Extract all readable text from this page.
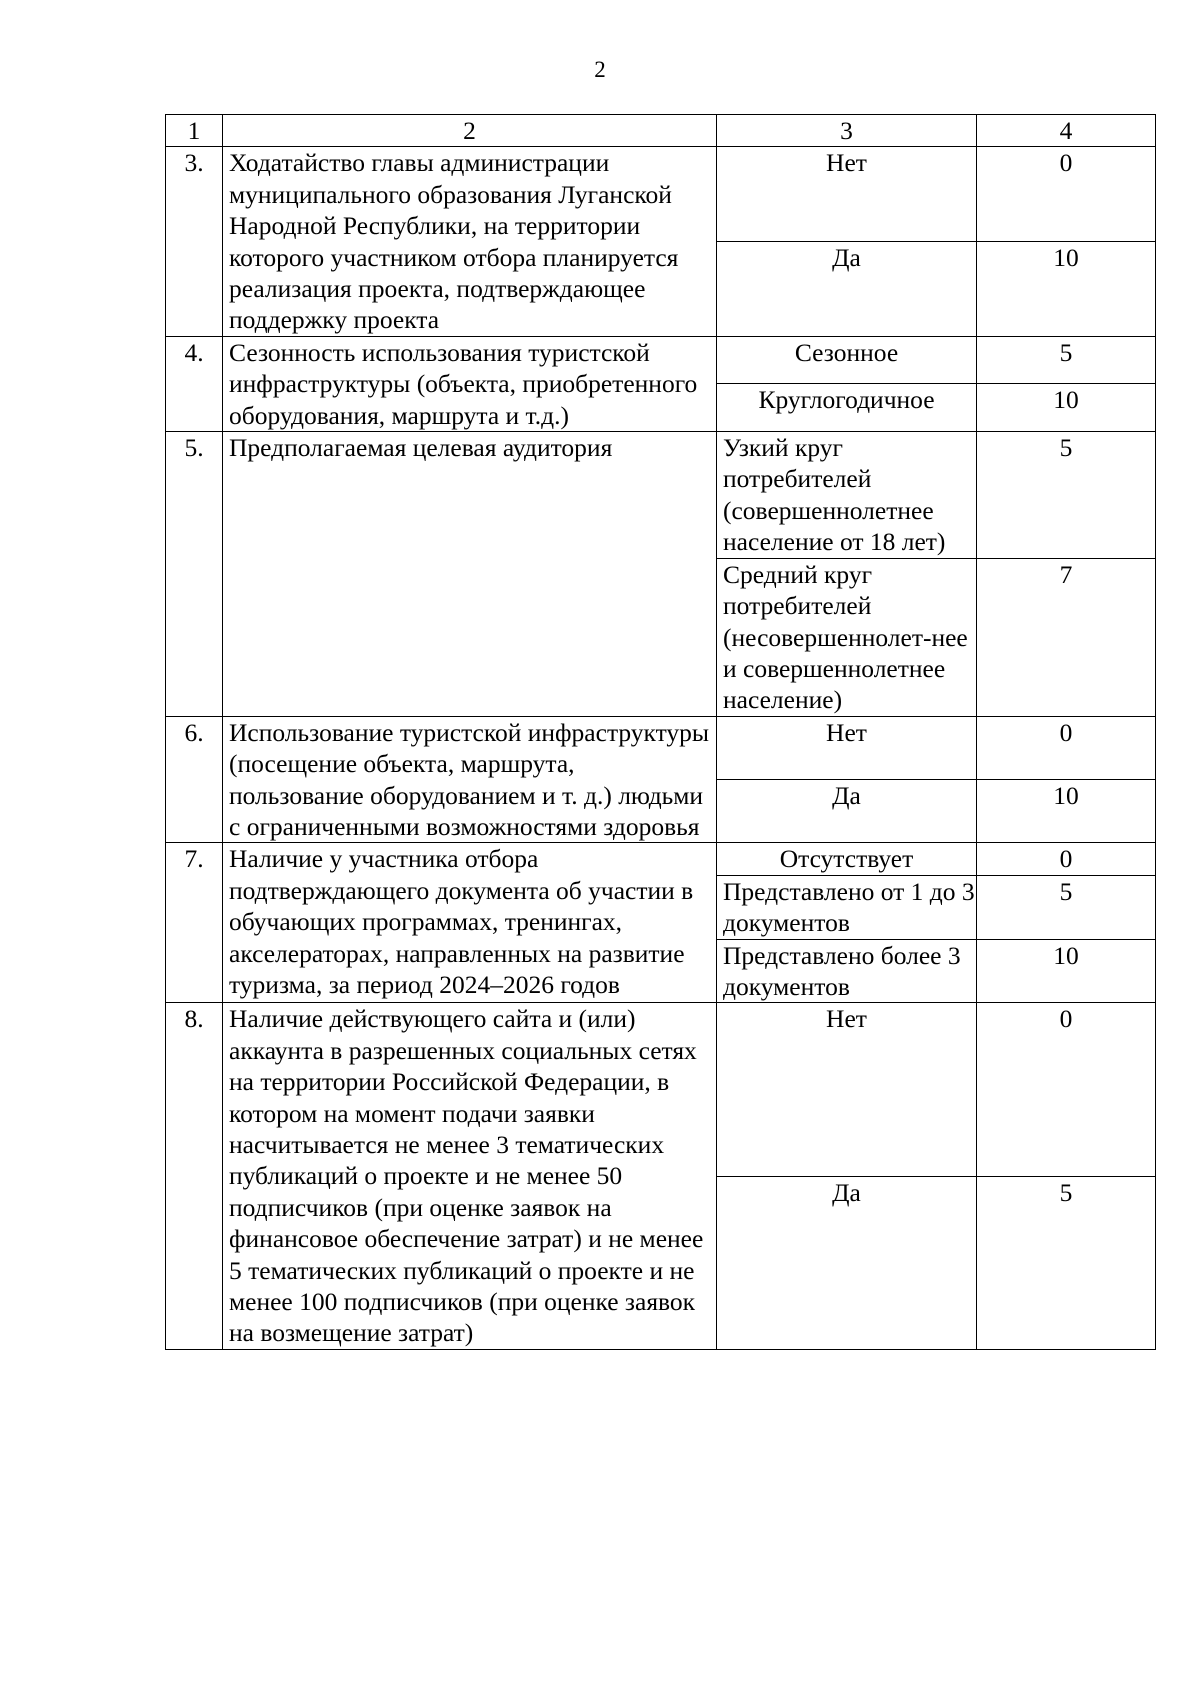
2
1	2	3	4
3.	Ходатайство главы администрации муниципального образования Луганской Народной Республики, на территории которого участником отбора планируется реализация проекта, подтверждающее поддержку проекта	Нет	0
		Да	10
4.	Сезонность использования туристской инфраструктуры (объекта, приобретенного оборудования, маршрута и т.д.)	Сезонное	5
		Круглогодичное	10
5.	Предполагаемая целевая аудитория	Узкий круг потребителей (совершеннолетнее население от 18 лет)	5
		Средний круг потребителей (несовершеннолет-нее и совершеннолетнее население)	7
6.	Использование туристской инфраструктуры (посещение объекта, маршрута, пользование оборудованием и т. д.) людьми с ограниченными возможностями здоровья	Нет	0
		Да	10
7.	Наличие у участника отбора подтверждающего документа об участии в обучающих программах, тренингах, акселераторах, направленных на развитие туризма, за период 2024–2026 годов	Отсутствует	0
		Представлено от 1 до 3 документов	5
		Представлено более 3 документов	10
8.	Наличие действующего сайта и (или) аккаунта в разрешенных социальных сетях на территории Российской Федерации, в котором на момент подачи заявки насчитывается не менее 3 тематических публикаций о проекте и не менее 50 подписчиков (при оценке заявок на финансовое обеспечение затрат) и не менее 5 тематических публикаций о проекте и не менее 100 подписчиков (при оценке заявок на возмещение затрат)	Нет	0
		Да	5
